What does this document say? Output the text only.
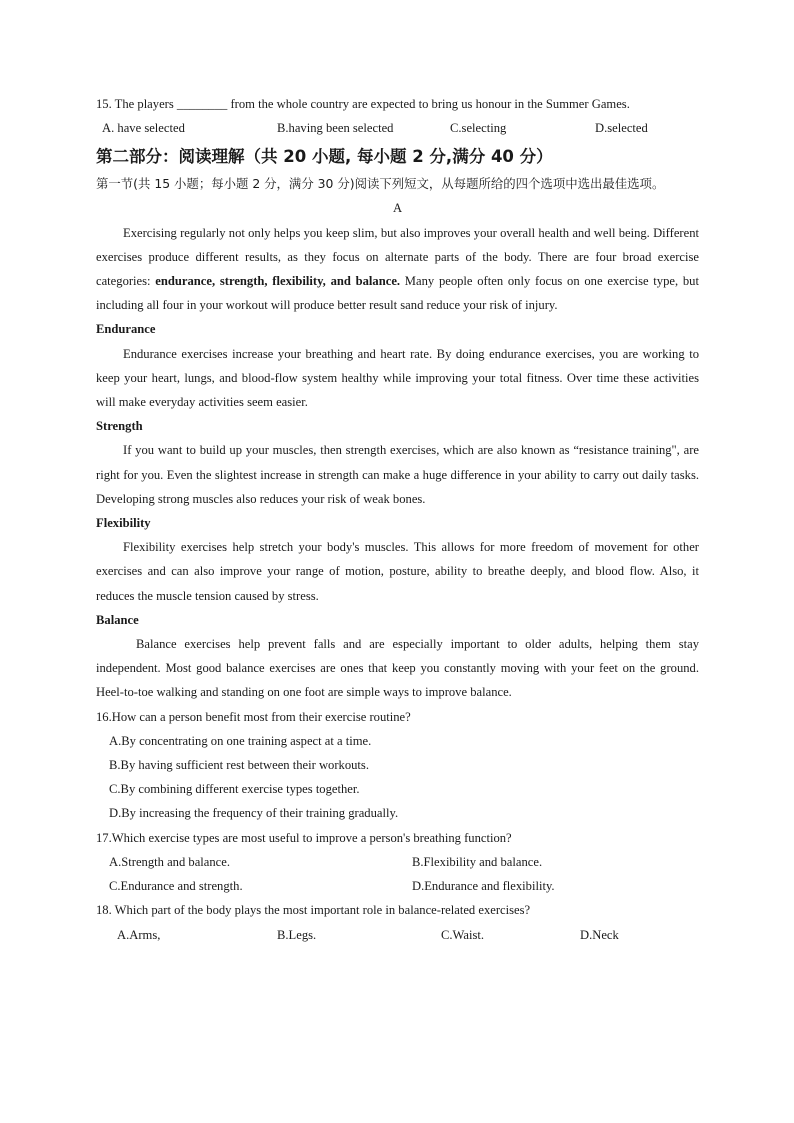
15. The players ________ from the whole country are expected to bring us honour in the Summer Games.
A. have selected	B.having been selected	C.selecting	D.selected
第二部分：阅读理解（共 20 小题, 每小题 2 分,满分 40 分）
第一节(共 15 小题；每小题 2 分，满分 30 分)阅读下列短文，从每题所给的四个选项中选出最佳选项。
A
Exercising regularly not only helps you keep slim, but also improves your overall health and well being. Different exercises produce different results, as they focus on alternate parts of the body. There are four broad exercise categories: endurance, strength, flexibility, and balance. Many people often only focus on one exercise type, but including all four in your workout will produce better result sand reduce your risk of injury.
Endurance
Endurance exercises increase your breathing and heart rate. By doing endurance exercises, you are working to keep your heart, lungs, and blood-flow system healthy while improving your total fitness. Over time these activities will make everyday activities seem easier.
Strength
If you want to build up your muscles, then strength exercises, which are also known as “resistance training", are right for you. Even the slightest increase in strength can make a huge difference in your ability to carry out daily tasks. Developing strong muscles also reduces your risk of weak bones.
Flexibility
Flexibility exercises help stretch your body's muscles. This allows for more freedom of movement for other exercises and can also improve your range of motion, posture, ability to breathe deeply, and blood flow. Also, it reduces the muscle tension caused by stress.
Balance
Balance exercises help prevent falls and are especially important to older adults, helping them stay independent. Most good balance exercises are ones that keep you constantly moving with your feet on the ground. Heel-to-toe walking and standing on one foot are simple ways to improve balance.
16.How can a person benefit most from their exercise routine?
A.By concentrating on one training aspect at a time.
B.By having sufficient rest between their workouts.
C.By combining different exercise types together.
D.By increasing the frequency of their training gradually.
17.Which exercise types are most useful to improve a person's breathing function?
A.Strength and balance.	B.Flexibility and balance.
C.Endurance and strength.	D.Endurance and flexibility.
18. Which part of the body plays the most important role in balance-related exercises?
A.Arms,	B.Legs.	C.Waist.	D.Neck
